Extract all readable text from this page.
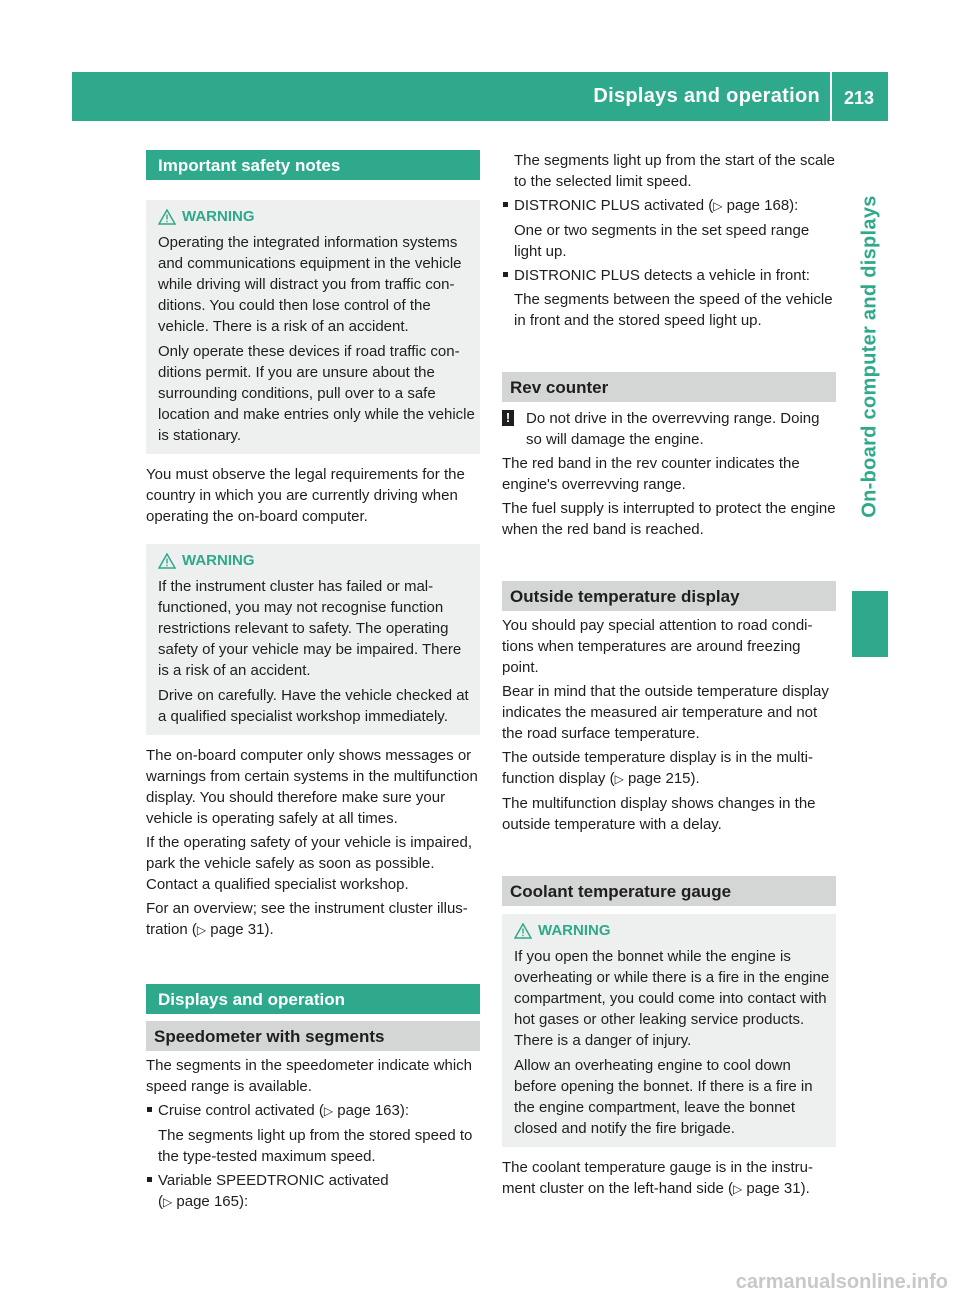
Displays and operation	213
On-board computer and displays
Important safety notes
WARNING

Operating the integrated information systems and communications equipment in the vehicle while driving will distract you from traffic conditions. You could then lose control of the vehicle. There is a risk of an accident.

Only operate these devices if road traffic conditions permit. If you are unsure about the surrounding conditions, pull over to a safe location and make entries only while the vehicle is stationary.

You must observe the legal requirements for the country in which you are currently driving when operating the on-board computer.

WARNING

If the instrument cluster has failed or malfunctioned, you may not recognise function restrictions relevant to safety. The operating safety of your vehicle may be impaired. There is a risk of an accident.

Drive on carefully. Have the vehicle checked at a qualified specialist workshop immediately.

The on-board computer only shows messages or warnings from certain systems in the multifunction display. You should therefore make sure your vehicle is operating safely at all times.

If the operating safety of your vehicle is impaired, park the vehicle safely as soon as possible. Contact a qualified specialist workshop.

For an overview; see the instrument cluster illustration (▷ page 31).

Displays and operation
Speedometer with segments

The segments in the speedometer indicate which speed range is available.

Cruise control activated (▷ page 163):

The segments light up from the stored speed to the type-tested maximum speed.

Variable SPEEDTRONIC activated
(▷ page 165):

The segments light up from the start of the scale to the selected limit speed.

DISTRONIC PLUS activated (▷ page 168):

One or two segments in the set speed range light up.

DISTRONIC PLUS detects a vehicle in front:

The segments between the speed of the vehicle in front and the stored speed light up.

Rev counter
! Do not drive in the overrevving range. Doing so will damage the engine.

The red band in the rev counter indicates the engine's overrevving range.

The fuel supply is interrupted to protect the engine when the red band is reached.

Outside temperature display

You should pay special attention to road conditions when temperatures are around freezing point.

Bear in mind that the outside temperature display indicates the measured air temperature and not the road surface temperature.

The outside temperature display is in the multifunction display (▷ page 215).

The multifunction display shows changes in the outside temperature with a delay.

Coolant temperature gauge
WARNING

If you open the bonnet while the engine is overheating or while there is a fire in the engine compartment, you could come into contact with hot gases or other leaking service products. There is a danger of injury.

Allow an overheating engine to cool down before opening the bonnet. If there is a fire in the engine compartment, leave the bonnet closed and notify the fire brigade.

The coolant temperature gauge is in the instrument cluster on the left-hand side (▷ page 31).

carmanualsonline.info
